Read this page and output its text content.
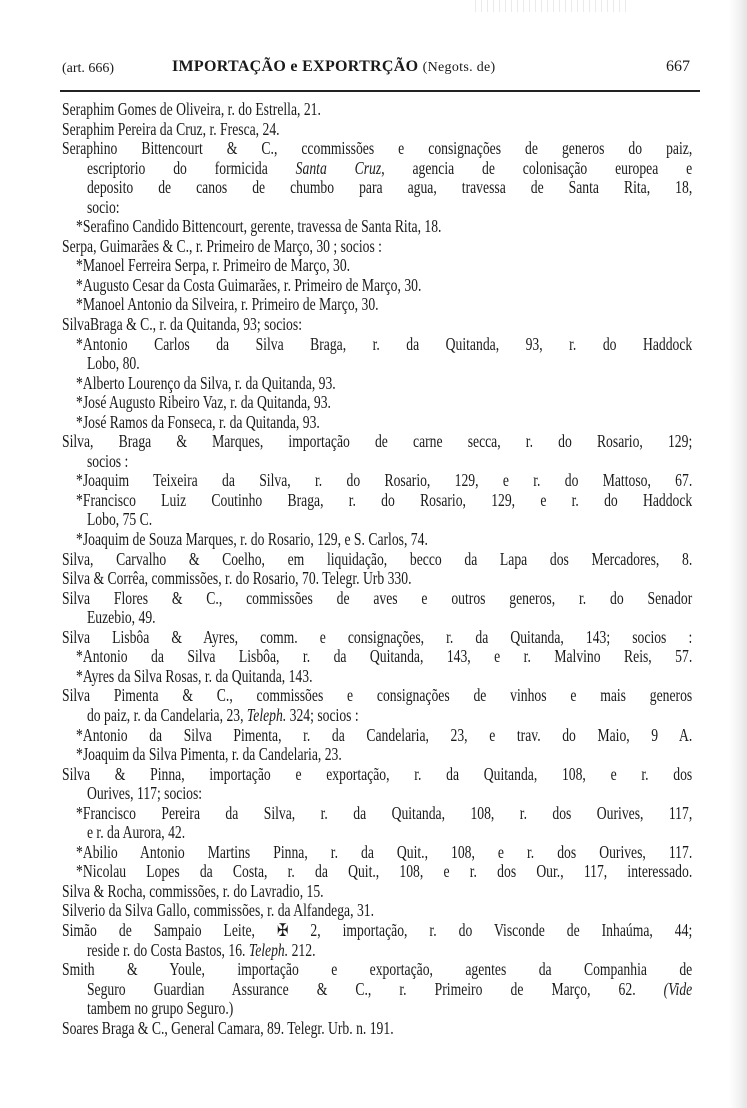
(art. 666)	IMPORTAÇÃO e EXPORTRÇÃO (Negots. de)	667
Seraphim Gomes de Oliveira, r. do Estrella, 21.
Seraphim Pereira da Cruz, r. Fresca, 24.
Seraphino Bittencourt & C., ccommissões e consignações de generos do paiz,
escriptorio do formicida Santa Cruz, agencia de colonisação europea e
deposito de canos de chumbo para agua, travessa de Santa Rita, 18,
socio:
*Serafino Candido Bittencourt, gerente, travessa de Santa Rita, 18.
Serpa, Guimarães & C., r. Primeiro de Março, 30 ; socios :
*Manoel Ferreira Serpa, r. Primeiro de Março, 30.
*Augusto Cesar da Costa Guimarães, r. Primeiro de Março, 30.
*Manoel Antonio da Silveira, r. Primeiro de Março, 30.
SilvaBraga & C., r. da Quitanda, 93; socios:
*Antonio Carlos da Silva Braga, r. da Quitanda, 93, r. do Haddock
Lobo, 80.
*Alberto Lourenço da Silva, r. da Quitanda, 93.
*José Augusto Ribeiro Vaz, r. da Quitanda, 93.
*José Ramos da Fonseca, r. da Quitanda, 93.
Silva, Braga & Marques, importação de carne secca, r. do Rosario, 129;
socios :
*Joaquim Teixeira da Silva, r. do Rosario, 129, e r. do Mattoso, 67.
*Francisco Luiz Coutinho Braga, r. do Rosario, 129, e r. do Haddock
Lobo, 75 C.
*Joaquim de Souza Marques, r. do Rosario, 129, e S. Carlos, 74.
Silva, Carvalho & Coelho, em liquidação, becco da Lapa dos Mercadores, 8.
Silva & Corrêa, commissões, r. do Rosario, 70. Telegr. Urb 330.
Silva Flores & C., commissões de aves e outros generos, r. do Senador
Euzebio, 49.
Silva Lisbôa & Ayres, comm. e consignações, r. da Quitanda, 143; socios :
*Antonio da Silva Lisbôa, r. da Quitanda, 143, e r. Malvino Reis, 57.
*Ayres da Silva Rosas, r. da Quitanda, 143.
Silva Pimenta & C., commissões e consignações de vinhos e mais generos
do paiz, r. da Candelaria, 23, Teleph. 324; socios :
*Antonio da Silva Pimenta, r. da Candelaria, 23, e trav. do Maio, 9 A.
*Joaquim da Silva Pimenta, r. da Candelaria, 23.
Silva & Pinna, importação e exportação, r. da Quitanda, 108, e r. dos
Ourives, 117; socios:
*Francisco Pereira da Silva, r. da Quitanda, 108, r. dos Ourives, 117,
e r. da Aurora, 42.
*Abilio Antonio Martins Pinna, r. da Quit., 108, e r. dos Ourives, 117.
*Nicolau Lopes da Costa, r. da Quit., 108, e r. dos Our., 117, interessado.
Silva & Rocha, commissões, r. do Lavradio, 15.
Silverio da Silva Gallo, commissões, r. da Alfandega, 31.
Simão de Sampaio Leite, ✠ 2, importação, r. do Visconde de Inhaúma, 44;
reside r. do Costa Bastos, 16. Teleph. 212.
Smith & Youle, importação e exportação, agentes da Companhia de
Seguro Guardian Assurance & C., r. Primeiro de Março, 62. (Vide
tambem no grupo Seguro.)
Soares Braga & C., General Camara, 89. Telegr. Urb. n. 191.
